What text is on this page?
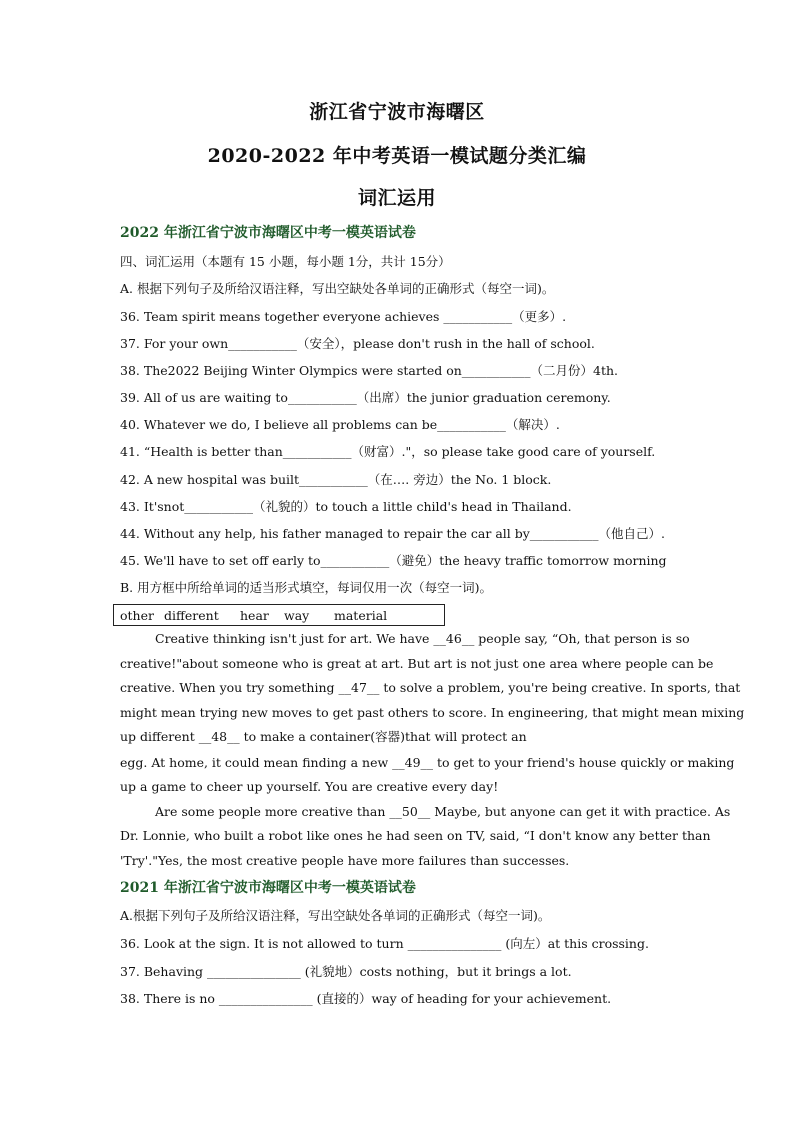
浙江省宁波市海曙区
2020-2022 年中考英语一模试题分类汇编
词汇运用
2022 年浙江省宁波市海曙区中考一模英语试卷
四、词汇运用（本题有 15 小题，每小题 1分，共计 15分）
A. 根据下列句子及所给汉语注释，写出空缺处各单词的正确形式（每空一词)。
36. Team spirit means together everyone achieves ___________（更多）.
37. For your own___________（安全），please don't rush in the hall of school.
38. The2022 Beijing Winter Olympics were started on___________（二月份）4th.
39. All of us are waiting to___________（出席）the junior graduation ceremony.
40. Whatever we do, I believe all problems can be___________（解决）.
41. “Health is better than___________（财富）."，so please take good care of yourself.
42. A new hospital was built___________（在…. 旁边）the No. 1 block.
43. It'snot___________（礼貌的）to touch a little child's head in Thailand.
44. Without any help, his father managed to repair the car all by___________（他自己）.
45. We'll have to set off early to___________（避免）the heavy traffic tomorrow morning
B. 用方框中所给单词的适当形式填空，每词仅用一次（每空一词)。
other different hear way material
Creative thinking isn't just for art. We have __46__ people say, “Oh, that person is so
creative!"about someone who is great at art. But art is not just one area where people can be
creative. When you try something __47__ to solve a problem, you're being creative. In sports, that
might mean trying new moves to get past others to score. In engineering, that might mean mixing
up different __48__ to make a container(容器)that will protect an
egg. At home, it could mean finding a new __49__ to get to your friend's house quickly or making
up a game to cheer up yourself. You are creative every day!
Are some people more creative than __50__ Maybe, but anyone can get it with practice. As
Dr. Lonnie, who built a robot like ones he had seen on TV, said, “I don't know any better than
'Try'."Yes, the most creative people have more failures than successes.
2021 年浙江省宁波市海曙区中考一模英语试卷
A.根据下列句子及所给汉语注释，写出空缺处各单词的正确形式（每空一词)。
36. Look at the sign. It is not allowed to turn _______________ (向左）at this crossing.
37. Behaving _______________ (礼貌地）costs nothing，but it brings a lot.
38. There is no _______________ (直接的）way of heading for your achievement.
